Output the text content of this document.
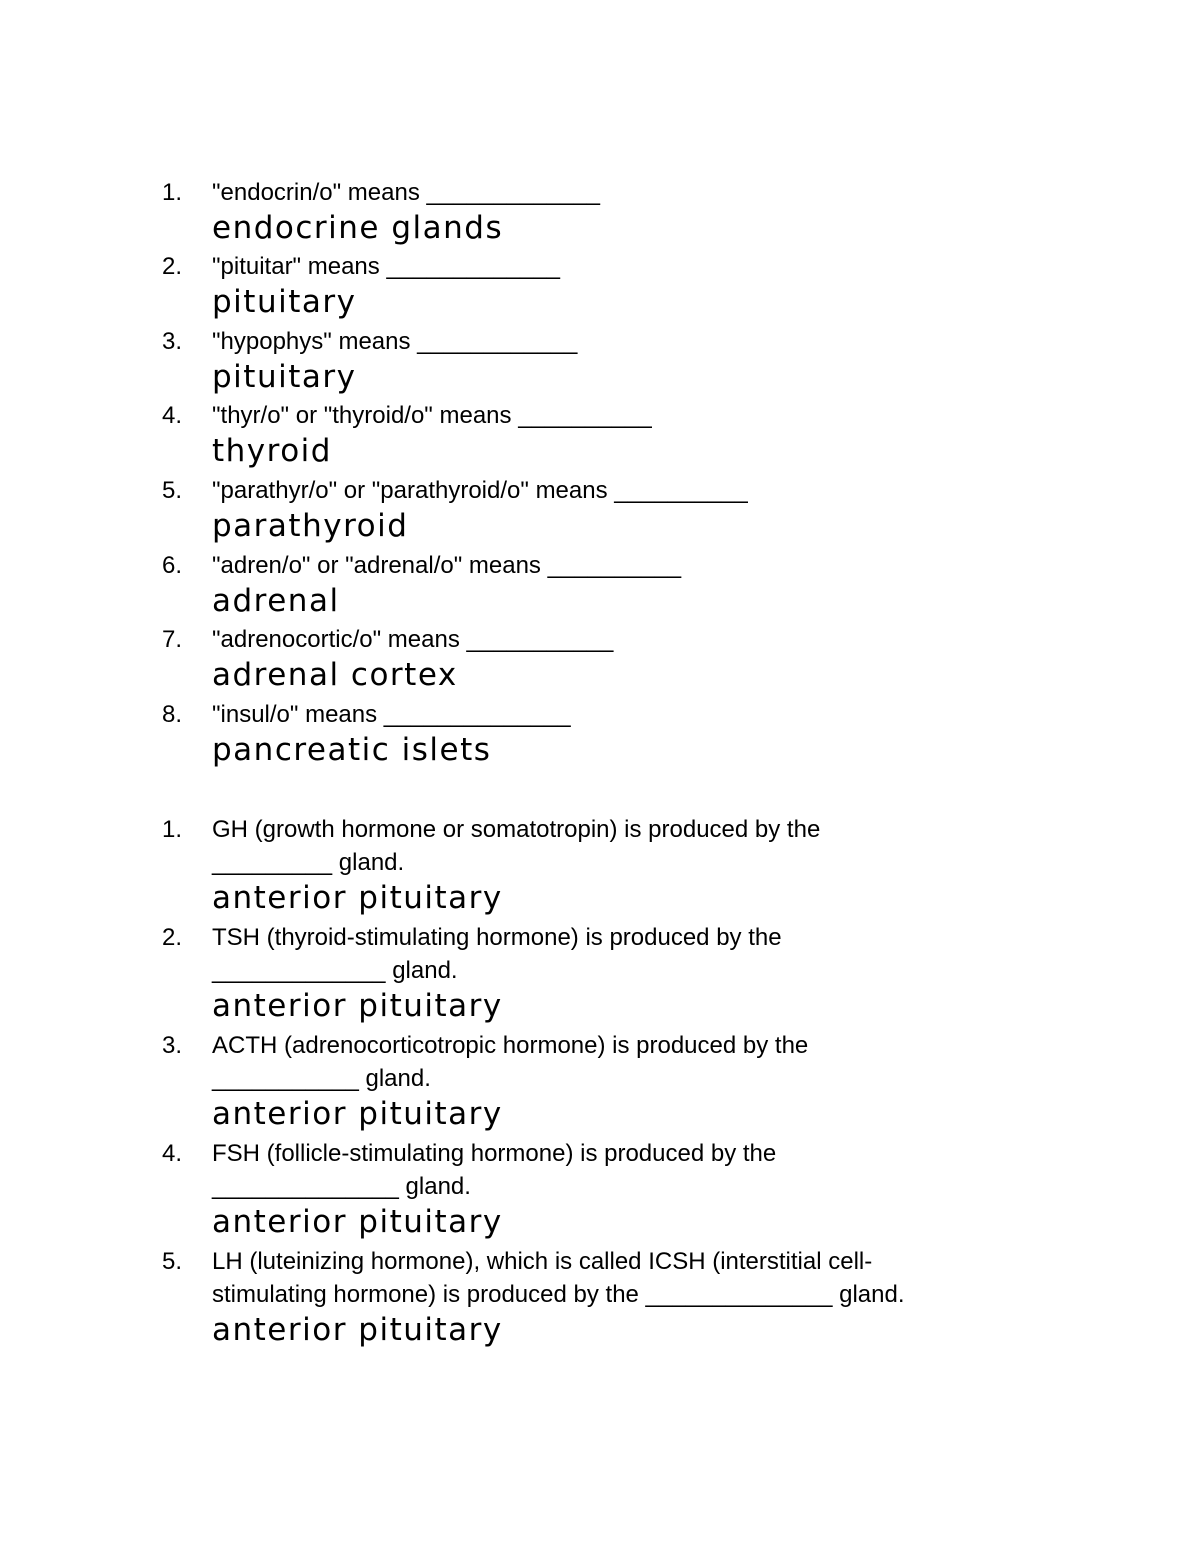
1. "endocrin/o" means _____________
endocrine glands
2. "pituitar" means _____________
pituitary
3. "hypophys" means ____________
pituitary
4. "thyr/o" or "thyroid/o" means __________
thyroid
5. "parathyr/o" or "parathyroid/o" means __________
parathyroid
6. "adren/o" or "adrenal/o" means __________
adrenal
7. "adrenocortic/o" means ___________
adrenal cortex
8. "insul/o" means ______________
pancreatic islets
1. GH (growth hormone or somatotropin) is produced by the
_________ gland.
anterior pituitary
2. TSH (thyroid-stimulating hormone) is produced by the
_____________ gland.
anterior pituitary
3. ACTH (adrenocorticotropic hormone) is produced by the
___________ gland.
anterior pituitary
4. FSH (follicle-stimulating hormone) is produced by the
______________ gland.
anterior pituitary
5. LH (luteinizing hormone), which is called ICSH (interstitial cell-
stimulating hormone) is produced by the ______________ gland.
anterior pituitary
